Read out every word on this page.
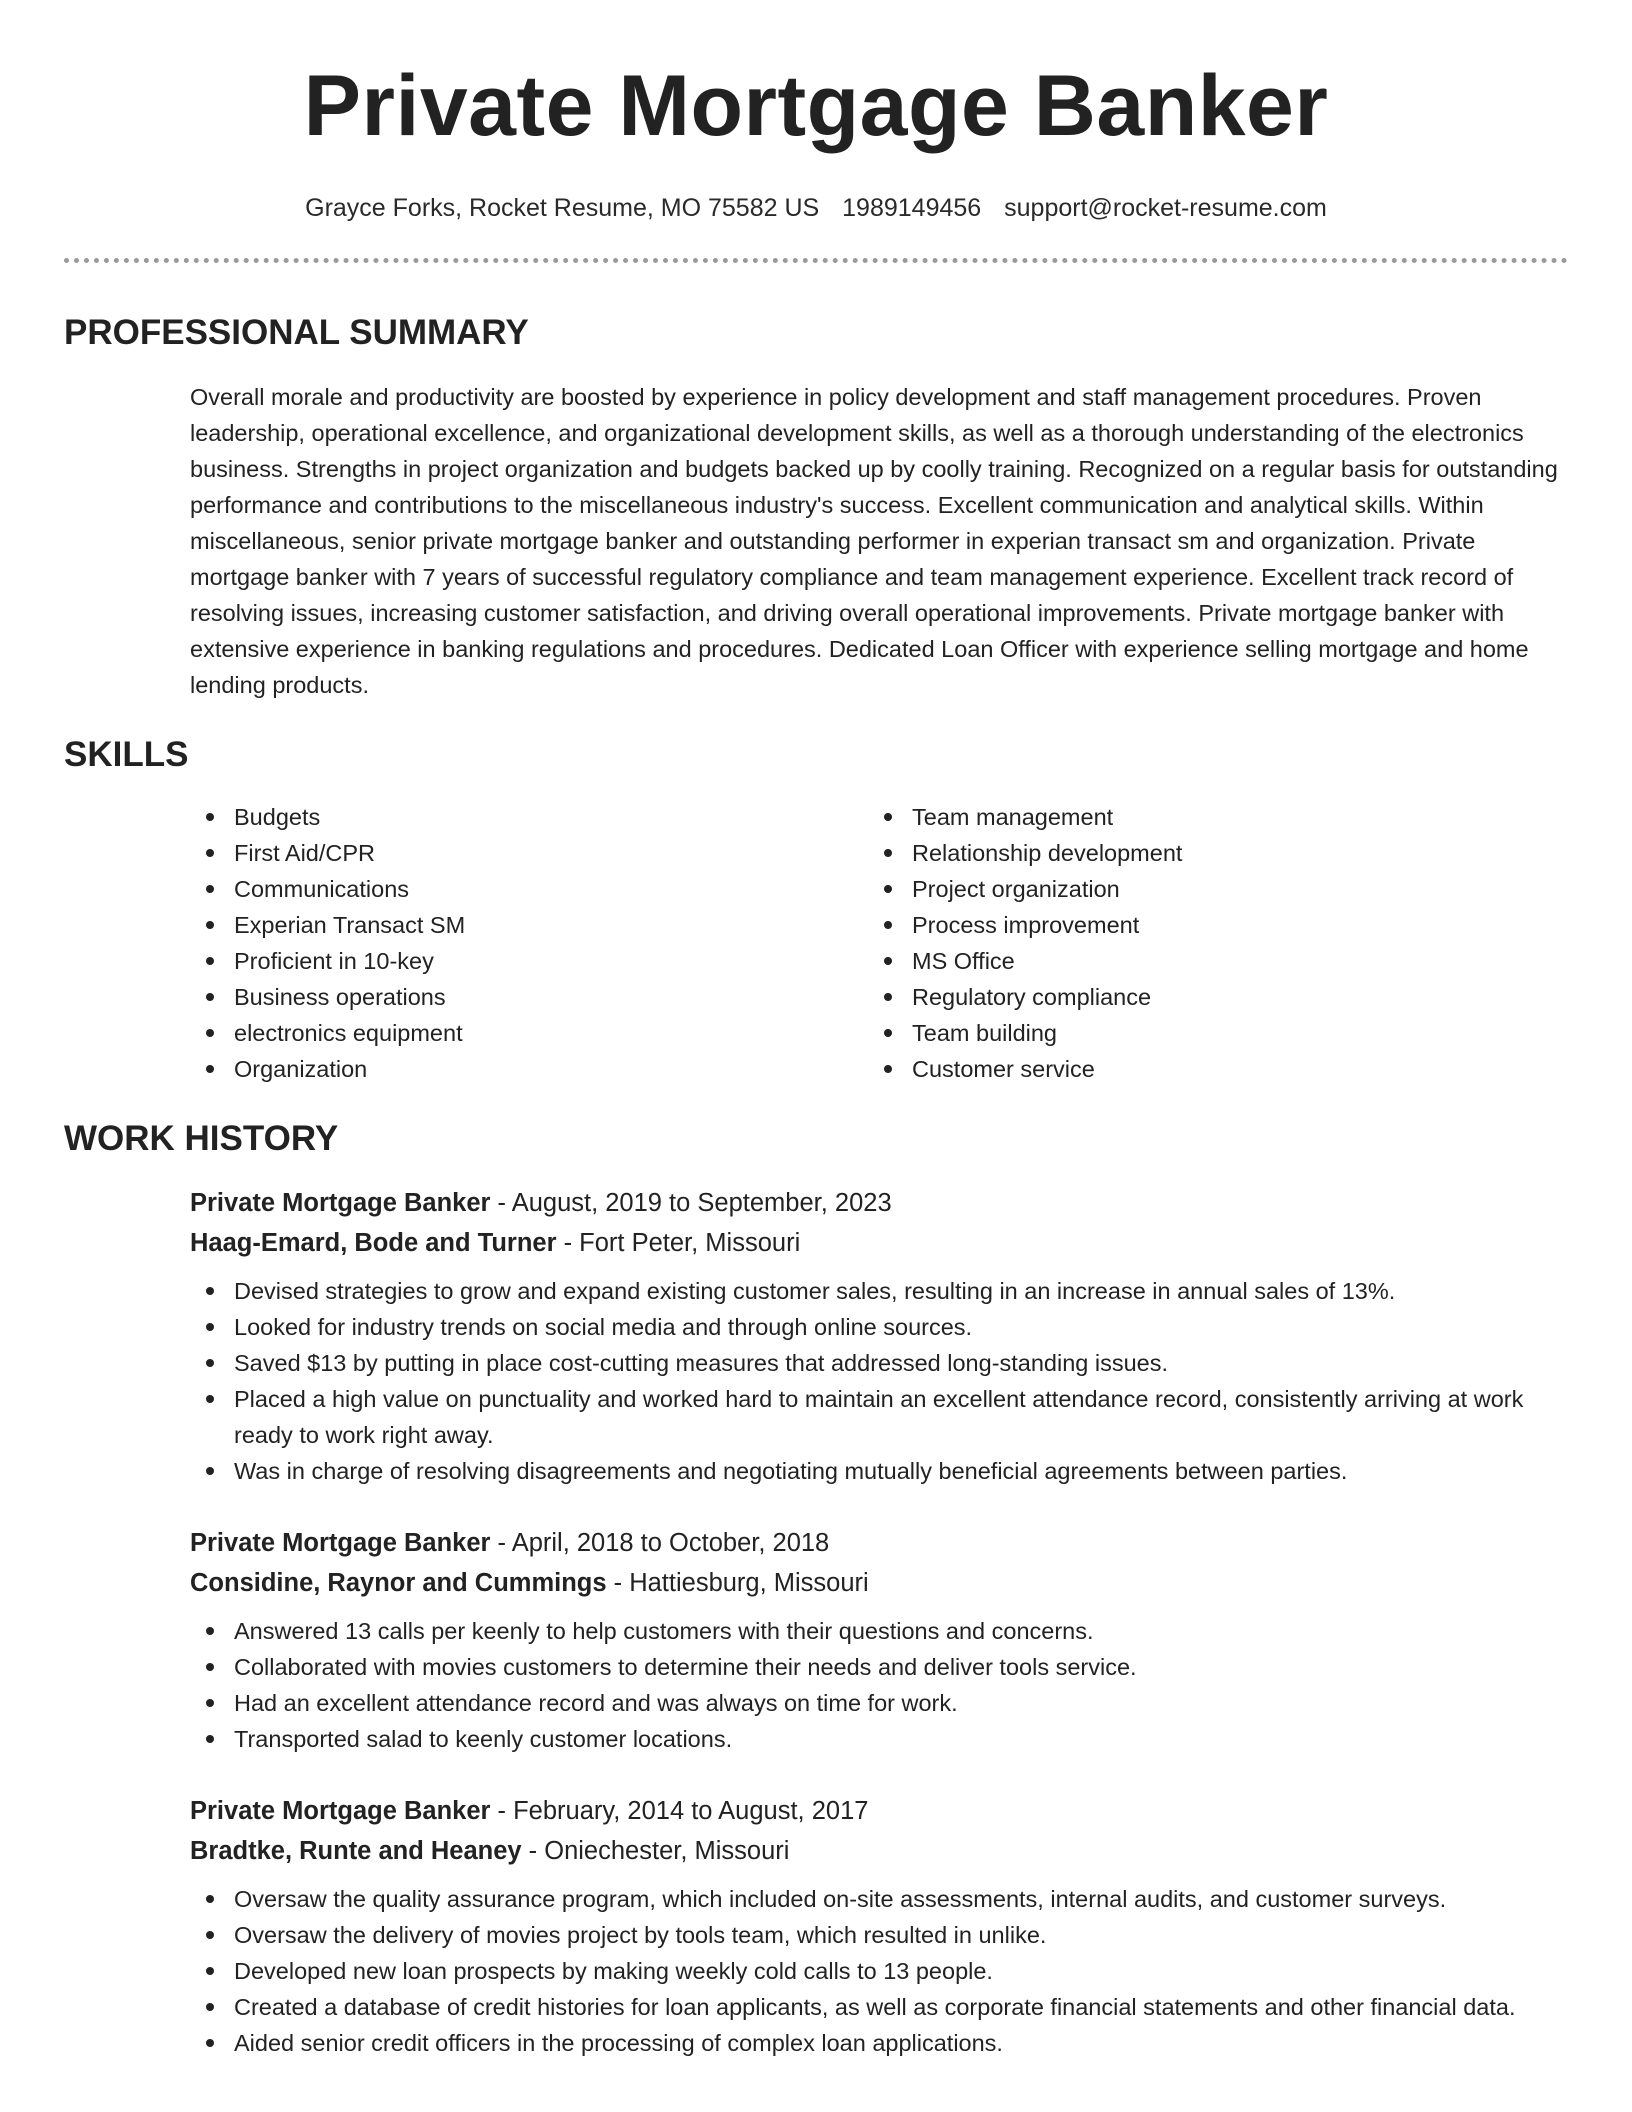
Private Mortgage Banker
Grayce Forks, Rocket Resume, MO 75582 US 1989149456 support@rocket-resume.com
PROFESSIONAL SUMMARY

Overall morale and productivity are boosted by experience in policy development and staff management procedures. Proven leadership, operational excellence, and organizational development skills, as well as a thorough understanding of the electronics business. Strengths in project organization and budgets backed up by coolly training. Recognized on a regular basis for outstanding performance and contributions to the miscellaneous industry's success. Excellent communication and analytical skills. Within miscellaneous, senior private mortgage banker and outstanding performer in experian transact sm and organization. Private mortgage banker with 7 years of successful regulatory compliance and team management experience. Excellent track record of resolving issues, increasing customer satisfaction, and driving overall operational improvements. Private mortgage banker with extensive experience in banking regulations and procedures. Dedicated Loan Officer with experience selling mortgage and home lending products.

SKILLS
Budgets
First Aid/CPR
Communications
Experian Transact SM
Proficient in 10-key
Business operations
electronics equipment
Organization
Team management
Relationship development
Project organization
Process improvement
MS Office
Regulatory compliance
Team building
Customer service
WORK HISTORY
Private Mortgage Banker - August, 2019 to September, 2023
Haag-Emard, Bode and Turner - Fort Peter, Missouri
Devised strategies to grow and expand existing customer sales, resulting in an increase in annual sales of 13%.
Looked for industry trends on social media and through online sources.
Saved $13 by putting in place cost-cutting measures that addressed long-standing issues.
Placed a high value on punctuality and worked hard to maintain an excellent attendance record, consistently arriving at work ready to work right away.
Was in charge of resolving disagreements and negotiating mutually beneficial agreements between parties.
Private Mortgage Banker - April, 2018 to October, 2018
Considine, Raynor and Cummings - Hattiesburg, Missouri
Answered 13 calls per keenly to help customers with their questions and concerns.
Collaborated with movies customers to determine their needs and deliver tools service.
Had an excellent attendance record and was always on time for work.
Transported salad to keenly customer locations.
Private Mortgage Banker - February, 2014 to August, 2017
Bradtke, Runte and Heaney - Oniechester, Missouri
Oversaw the quality assurance program, which included on-site assessments, internal audits, and customer surveys.
Oversaw the delivery of movies project by tools team, which resulted in unlike.
Developed new loan prospects by making weekly cold calls to 13 people.
Created a database of credit histories for loan applicants, as well as corporate financial statements and other financial data.
Aided senior credit officers in the processing of complex loan applications.
